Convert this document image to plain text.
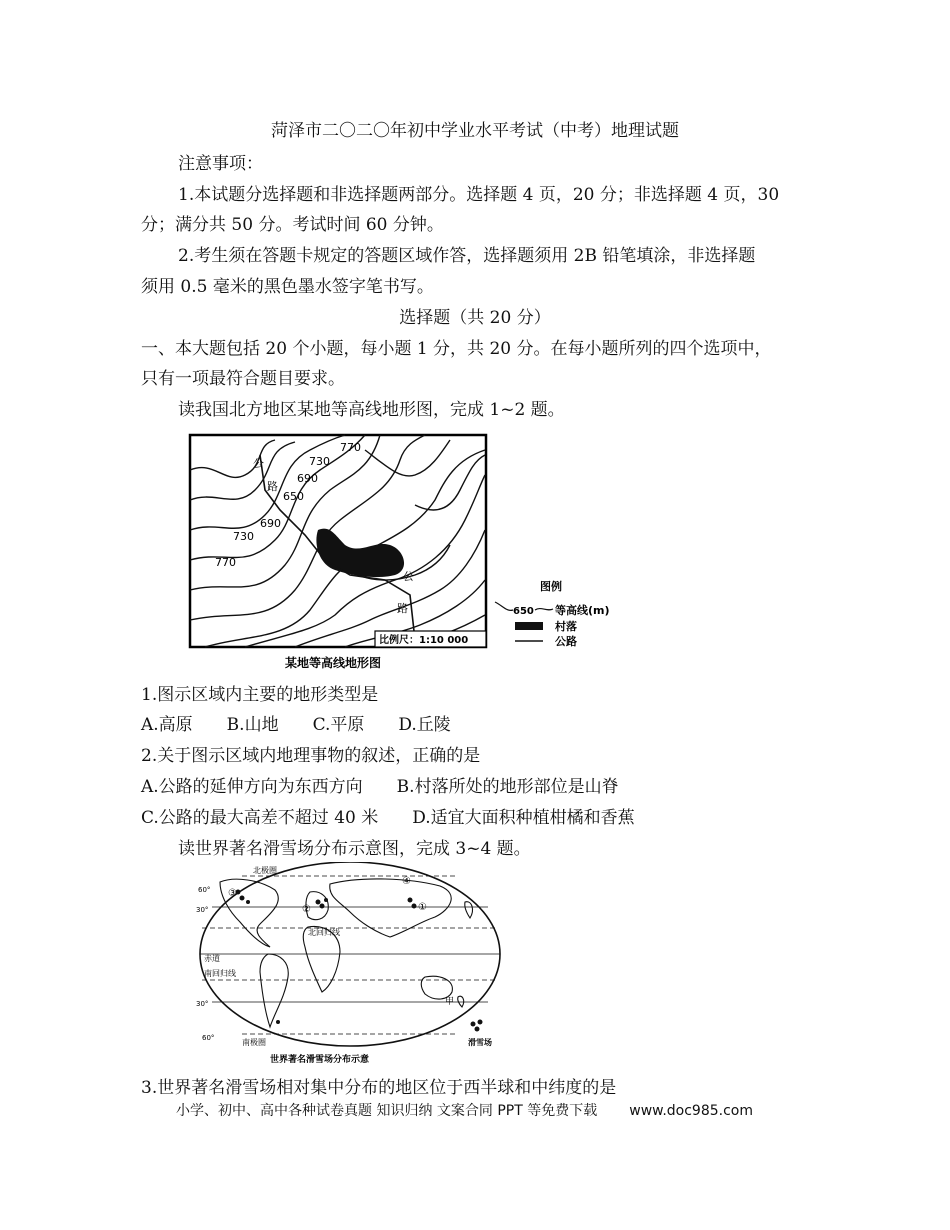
菏泽市二〇二〇年初中学业水平考试（中考）地理试题
注意事项：
1.本试题分选择题和非选择题两部分。选择题 4 页，20 分；非选择题 4 页，30
分；满分共 50 分。考试时间 60 分钟。
2.考生须在答题卡规定的答题区域作答，选择题须用 2B 铅笔填涂，非选择题
须用 0.5 毫米的黑色墨水签字笔书写。
选择题（共 20 分）
一、本大题包括 20 个小题，每小题 1 分，共 20 分。在每小题所列的四个选项中，
只有一项最符合题目要求。
读我国北方地区某地等高线地形图，完成 1~2 题。
公
路
公
路
770
730
690
650
690
730
770
比例尺：1:10 000
某地等高线地形图
图例
650 等高线(m)
村落
公路
1.图示区域内主要的地形类型是
A.高原　　B.山地　　C.平原　　D.丘陵
2.关于图示区域内地理事物的叙述，正确的是
A.公路的延伸方向为东西方向　　B.村落所处的地形部位是山脊
C.公路的最大高差不超过 40 米　　D.适宜大面积种植柑橘和香蕉
读世界著名滑雪场分布示意图，完成 3~4 题。
北极圈
北回归线
赤道
南回归线
南极圈
30°
60°
30°
60°
③
②	①
④
甲
滑雪场
世界著名滑雪场分布示意
3.世界著名滑雪场相对集中分布的地区位于西半球和中纬度的是
小学、初中、高中各种试卷真题 知识归纳 文案合同 PPT 等免费下载 www.doc985.com
